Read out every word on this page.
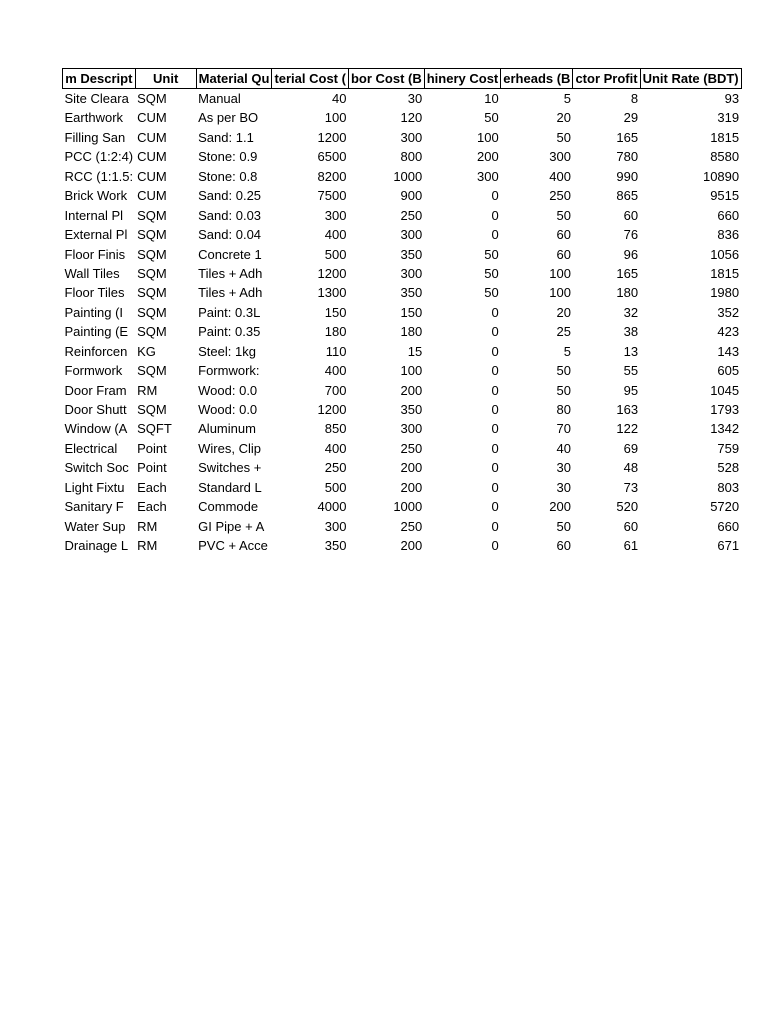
m Descript	Unit	Material Qu	terial Cost (	bor Cost (B	hinery Cost	erheads (B	ctor Profit	Unit Rate (BDT)
Site Cleara	SQM	Manual	40	30	10	5	8	93
Earthwork	CUM	As per BO	100	120	50	20	29	319
Filling San	CUM	Sand: 1.1	1200	300	100	50	165	1815
PCC (1:2:4)	CUM	Stone: 0.9	6500	800	200	300	780	8580
RCC (1:1.5:	CUM	Stone: 0.8	8200	1000	300	400	990	10890
Brick Work	CUM	Sand: 0.25	7500	900	0	250	865	9515
Internal Pl	SQM	Sand: 0.03	300	250	0	50	60	660
External Pl	SQM	Sand: 0.04	400	300	0	60	76	836
Floor Finis	SQM	Concrete 1	500	350	50	60	96	1056
Wall Tiles	SQM	Tiles + Adh	1200	300	50	100	165	1815
Floor Tiles	SQM	Tiles + Adh	1300	350	50	100	180	1980
Painting (I	SQM	Paint: 0.3L	150	150	0	20	32	352
Painting (E	SQM	Paint: 0.35	180	180	0	25	38	423
Reinforcen	KG	Steel: 1kg	110	15	0	5	13	143
Formwork	SQM	Formwork:	400	100	0	50	55	605
Door Fram	RM	Wood: 0.0	700	200	0	50	95	1045
Door Shutt	SQM	Wood: 0.0	1200	350	0	80	163	1793
Window (A	SQFT	Aluminum	850	300	0	70	122	1342
Electrical	Point	Wires, Clip	400	250	0	40	69	759
Switch Soc	Point	Switches +	250	200	0	30	48	528
Light Fixtu	Each	Standard L	500	200	0	30	73	803
Sanitary F	Each	Commode	4000	1000	0	200	520	5720
Water Sup	RM	GI Pipe + A	300	250	0	50	60	660
Drainage L	RM	PVC + Acce	350	200	0	60	61	671
